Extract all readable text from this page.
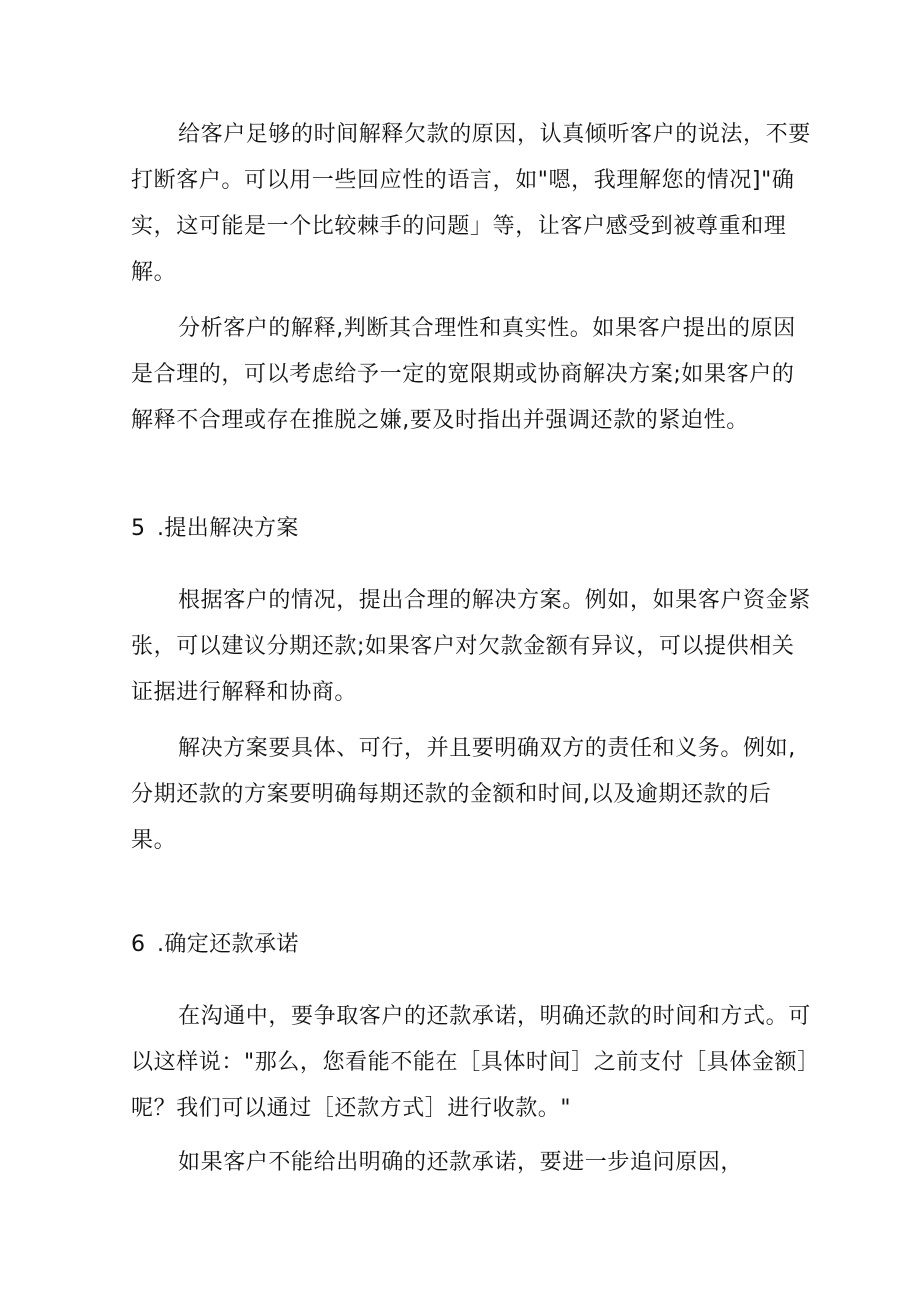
给客户足够的时间解释欠款的原因，认真倾听客户的说法，不要打断客户。可以用一些回应性的语言，如"嗯，我理解您的情况]"确实，这可能是一个比较棘手的问题」等，让客户感受到被尊重和理解。

分析客户的解释,判断其合理性和真实性。如果客户提出的原因是合理的，可以考虑给予一定的宽限期或协商解决方案;如果客户的解释不合理或存在推脱之嫌,要及时指出并强调还款的紧迫性。

5 .提出解决方案

根据客户的情况，提出合理的解决方案。例如，如果客户资金紧张，可以建议分期还款;如果客户对欠款金额有异议，可以提供相关证据进行解释和协商。

解决方案要具体、可行，并且要明确双方的责任和义务。例如,分期还款的方案要明确每期还款的金额和时间,以及逾期还款的后果。

6 .确定还款承诺

在沟通中，要争取客户的还款承诺，明确还款的时间和方式。可以这样说："那么，您看能不能在［具体时间］之前支付［具体金额］呢？我们可以通过［还款方式］进行收款。"

如果客户不能给出明确的还款承诺，要进一步追问原因，
